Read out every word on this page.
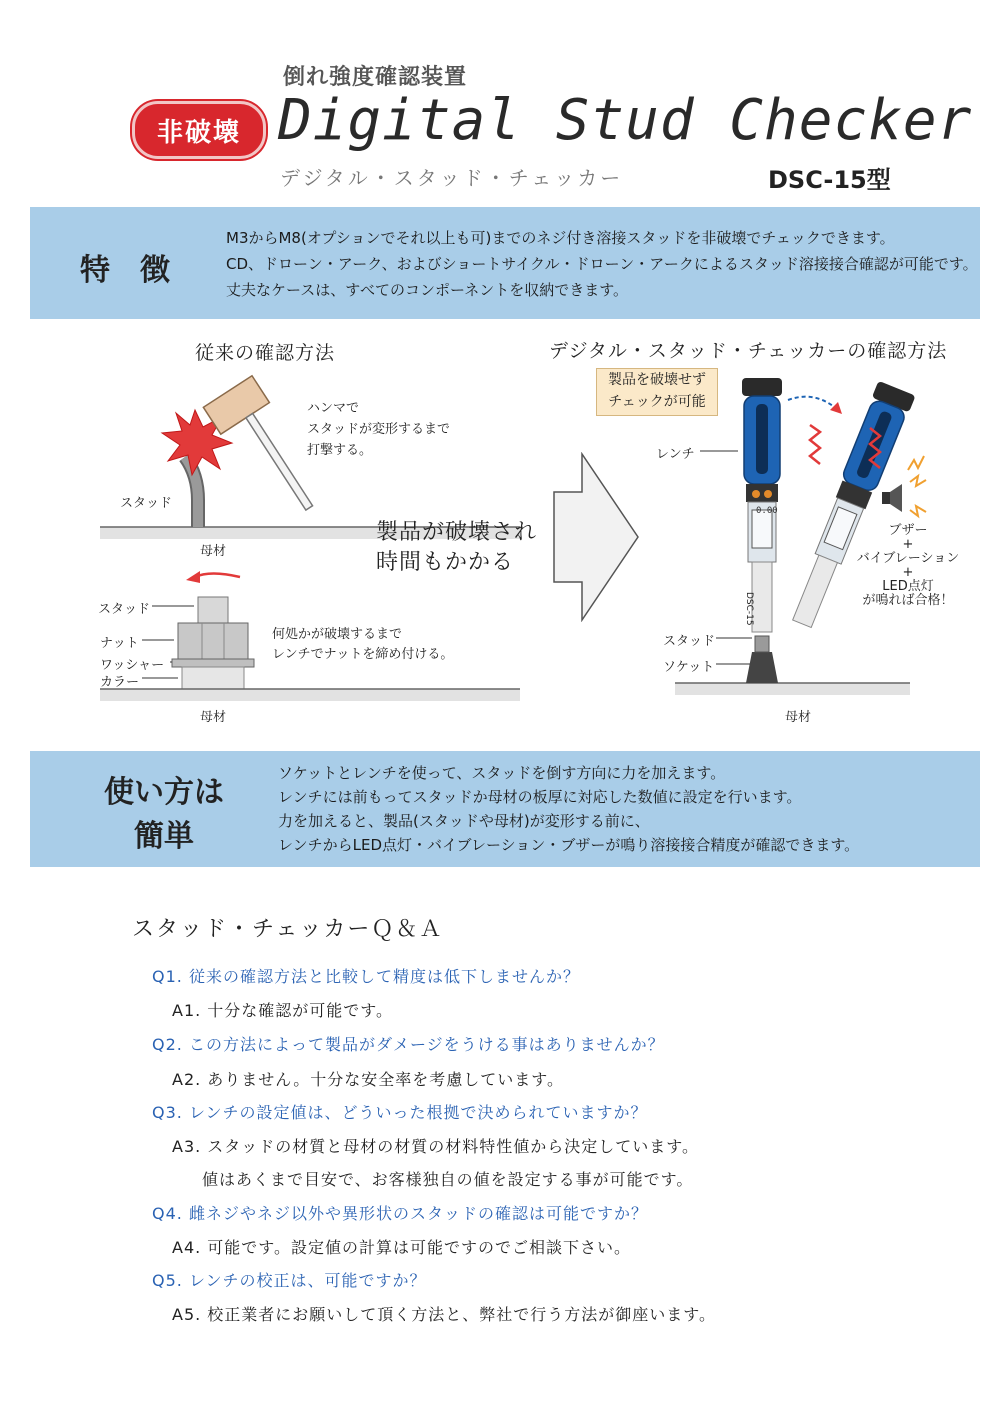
倒れ強度確認装置
非破壊 Digital Stud Checker
デジタル・スタッド・チェッカー	DSC-15型
特　徴
M3からM8(オプションでそれ以上も可)までのネジ付き溶接スタッドを非破壊でチェックできます。
CD、ドローン・アーク、およびショートサイクル・ドローン・アークによるスタッド溶接接合確認が可能です。
丈夫なケースは、すべてのコンポーネントを収納できます。
従来の確認方法
ハンマで
スタッドが変形するまで
打撃する。
スタッド
母材
スタッド
ナット
ワッシャー
カラー
何処かが破壊するまで
レンチでナットを締め付ける。
母材
製品が破壊され
時間もかかる
デジタル・スタッド・チェッカーの確認方法
製品を破壊せず
チェックが可能
0.00
DSC-15
レンチ
スタッド
ソケット
母材
ブザー
+
バイブレーション
+
LED点灯
が鳴れば合格！
使い方は
簡単
ソケットとレンチを使って、スタッドを倒す方向に力を加えます。
レンチには前もってスタッドか母材の板厚に対応した数値に設定を行います。
力を加えると、製品(スタッドや母材)が変形する前に、
レンチからLED点灯・バイブレーション・ブザーが鳴り溶接接合精度が確認できます。
スタッド・チェッカーＱ＆Ａ
Q1. 従来の確認方法と比較して精度は低下しませんか？
A1. 十分な確認が可能です。
Q2. この方法によって製品がダメージをうける事はありませんか？
A2. ありません。十分な安全率を考慮しています。
Q3. レンチの設定値は、どういった根拠で決められていますか？
A3. スタッドの材質と母材の材質の材料特性値から決定しています。
値はあくまで目安で、お客様独自の値を設定する事が可能です。
Q4. 雌ネジやネジ以外や異形状のスタッドの確認は可能ですか？
A4. 可能です。設定値の計算は可能ですのでご相談下さい。
Q5. レンチの校正は、可能ですか？
A5. 校正業者にお願いして頂く方法と、弊社で行う方法が御座います。
